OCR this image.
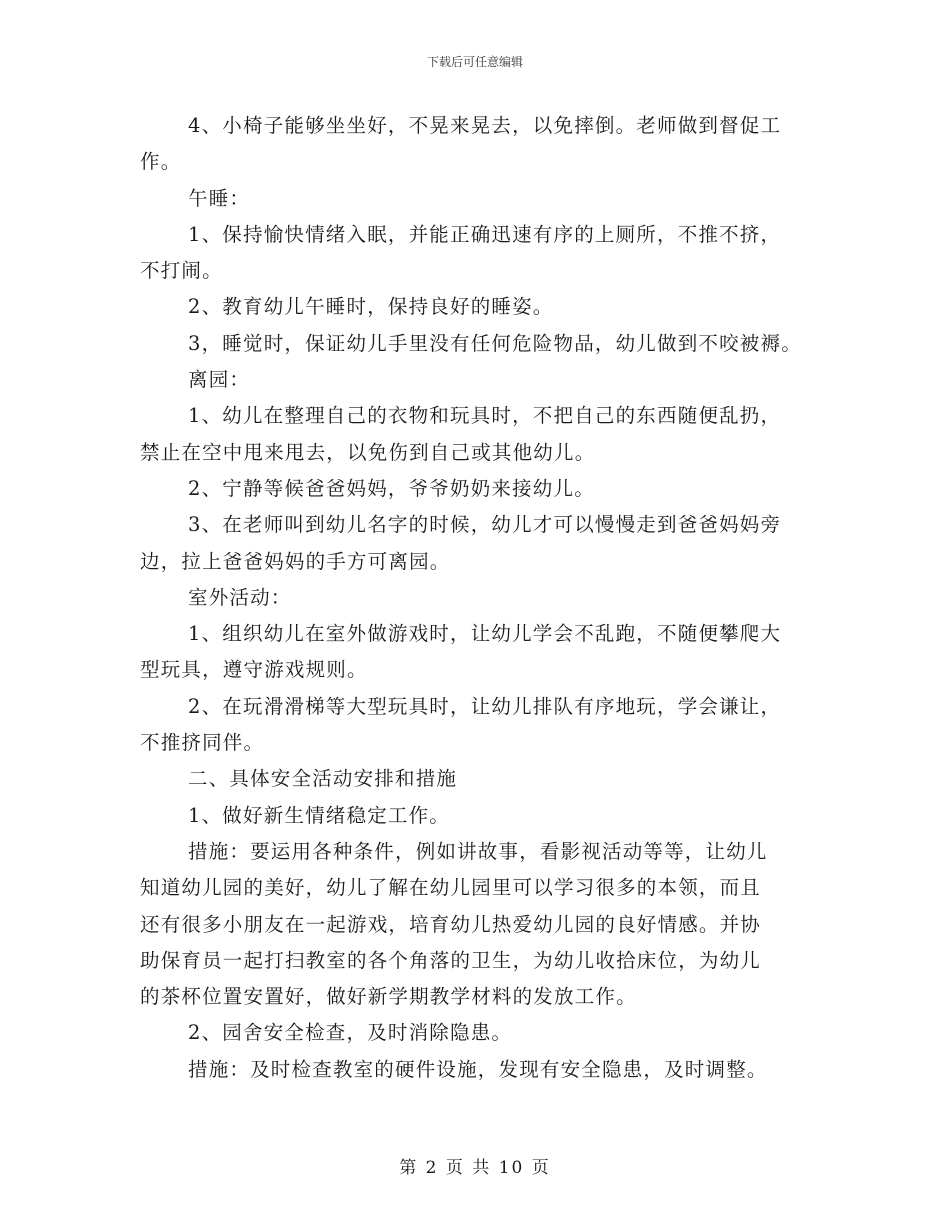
下载后可任意编辑
4、小椅子能够坐坐好，不晃来晃去，以免摔倒。老师做到督促工
作。
午睡：
1、保持愉快情绪入眠，并能正确迅速有序的上厕所，不推不挤，
不打闹。
2、教育幼儿午睡时，保持良好的睡姿。
3，睡觉时，保证幼儿手里没有任何危险物品，幼儿做到不咬被褥。
离园：
1、幼儿在整理自己的衣物和玩具时，不把自己的东西随便乱扔，
禁止在空中甩来甩去，以免伤到自己或其他幼儿。
2、宁静等候爸爸妈妈，爷爷奶奶来接幼儿。
3、在老师叫到幼儿名字的时候，幼儿才可以慢慢走到爸爸妈妈旁
边，拉上爸爸妈妈的手方可离园。
室外活动：
1、组织幼儿在室外做游戏时，让幼儿学会不乱跑，不随便攀爬大
型玩具，遵守游戏规则。
2、在玩滑滑梯等大型玩具时，让幼儿排队有序地玩，学会谦让，
不推挤同伴。
二、具体安全活动安排和措施
1、做好新生情绪稳定工作。
措施：要运用各种条件，例如讲故事，看影视活动等等，让幼儿
知道幼儿园的美好，幼儿了解在幼儿园里可以学习很多的本领，而且
还有很多小朋友在一起游戏，培育幼儿热爱幼儿园的良好情感。并协
助保育员一起打扫教室的各个角落的卫生，为幼儿收拾床位，为幼儿
的茶杯位置安置好，做好新学期教学材料的发放工作。
2、园舍安全检查，及时消除隐患。
措施：及时检查教室的硬件设施，发现有安全隐患，及时调整。
第 2 页 共 10 页
